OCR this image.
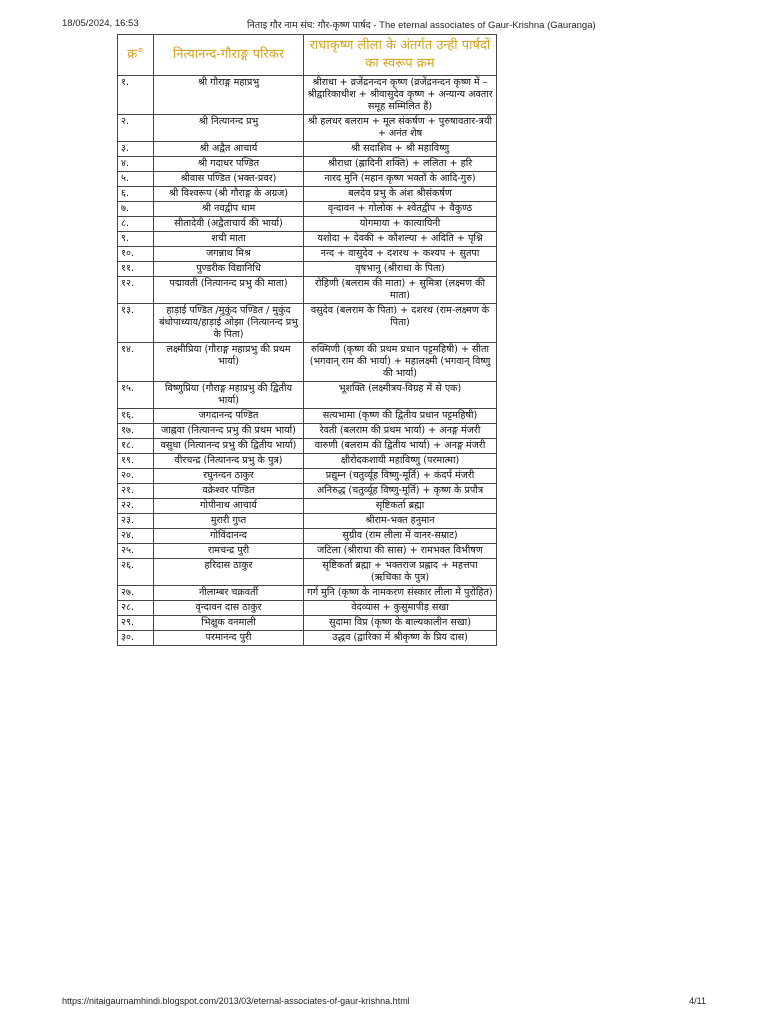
18/05/2024, 16:53	निताइ गौर नाम संघ: गौर-कृष्ण पार्षद - The eternal associates of Gaur-Krishna (Gauranga)
क्र°	नित्यानन्द-गौराङ्ग परिकर	राधाकृष्ण लीला के अंतर्गत उन्ही पार्षदों का स्वरूप क्रम
१.	श्री गौराङ्ग महाप्रभु	श्रीराधा + व्रजेंद्रनन्दन कृष्ण (व्रजेंद्रनन्दन कृष्ण में – श्रीद्वारिकाधीश + श्रीवासुदेव कृष्ण + अन्यान्य अवतार समूह सम्मिलित हैं)
२.	श्री नित्यानन्द प्रभु	श्री हलधर बलराम + मूल संकर्षण + पुरुषावतार-त्रयी + अनंत शेष
३.	श्री अद्वैत आचार्य	श्री सदाशिव + श्री महाविष्णु
४.	श्री गदाधर पण्डित	श्रीराधा (ह्लादिनी शक्ति) + ललिता + हरि
५.	श्रीवास पण्डित (भक्त-प्रवर)	नारद मुनि (महान कृष्ण भक्तों के आदि-गुरु)
६.	श्री विश्वरूप (श्री गौराङ्ग के अग्रज)	बलदेव प्रभु के अंश श्रीसंकर्षण
७.	श्री नवद्वीप धाम	वृन्दावन + गोलोक + श्वेतद्वीप + वैकुण्ठ
८.	सीतादेवी (अद्वैताचार्य की भार्या)	योगमाया + कात्यायिनी
९.	शची माता	यशोदा + देवकी + कौशल्या + अदिति + पृश्नि
१०.	जगन्नाथ मिश्र	नन्द + वासुदेव + दशरथ + कश्यप + सुतपा
११.	पुण्डरीक विद्यानिधि	वृषभानु (श्रीराधा के पिता)
१२.	पद्मावती (नित्यानन्द प्रभु की माता)	रोहिणी (बलराम की माता) + सुमित्रा (लक्ष्मण की माता)
१३.	हाड़ाई पण्डित /मुकुंद पण्डित / मुकुंद बंधोपाध्याय/हाड़ाई ओझा (नित्यानन्द प्रभु के पिता)	वसुदेव (बलराम के पिता) + दशरथ (राम-लक्ष्मण के पिता)
१४.	लक्ष्मीप्रिया (गौराङ्ग महाप्रभु की प्रथम भार्या)	रुक्मिणी (कृष्ण की प्रथम प्रधान पट्टमहिषी) + सीता (भगवान् राम की भार्या) + महालक्ष्मी (भगवान् विष्णु की भार्या)
१५.	विष्णुप्रिया (गौराङ्ग महाप्रभु की द्वितीय भार्या)	भूशक्ति (लक्ष्मीत्रय-विग्रह में से एक)
१६.	जगदानन्द पण्डित	सत्यभामा (कृष्ण की द्वितीय प्रधान पट्टमहिषी)
१७.	जाह्नवा (नित्यानन्द प्रभु की प्रथम भार्या)	रेवती (बलराम की प्रथम भार्या) + अनङ्ग मंजरी
१८.	वसुधा (नित्यानन्द प्रभु की द्वितीय भार्या)	वारुणी (बलराम की द्वितीय भार्या) + अनङ्ग मंजरी
१९.	वीरचन्द्र (नित्यानन्द प्रभु के पुत्र)	क्षीरोदकशायी महाविष्णु (परमात्मा)
२०.	रघुनन्दन ठाकुर	प्रद्युम्न (चतुर्व्यूह विष्णु-मूर्ति) + कंदर्प मंजरी
२१.	वक्रेश्वर पण्डित	अनिरुद्ध (चतुर्व्यूह विष्णु-मूर्ति) + कृष्ण के प्रपौत्र
२२.	गोपीनाथ आचार्य	सृष्टिकर्ता ब्रह्मा
२३.	मुरारी गुप्त	श्रीराम-भक्त हनुमान
२४.	गोविंदानन्द	सुग्रीव (राम लीला में वानर-सम्राट)
२५.	रामचन्द्र पुरी	जटिला (श्रीराधा की सास) + रामभक्त विभीषण
२६.	हरिदास ठाकुर	सृष्टिकर्ता ब्रह्मा + भक्तराज प्रह्लाद + महत्तपा (ऋचिका के पुत्र)
२७.	नीलाम्बर चक्रवर्ती	गर्ग मुनि (कृष्ण के नामकरण संस्कार लीला में पुरोहित)
२८.	वृन्दावन दास ठाकुर	वेदव्यास + कुसुमापीड़ सखा
२९.	भिक्षुक वनमाली	सुदामा विप्र (कृष्ण के बाल्यकालीन सखा)
३०.	परमानन्द पुरी	उद्धव (द्वारिका में श्रीकृष्ण के प्रिय दास)
https://nitaigaurnamhindi.blogspot.com/2013/03/eternal-associates-of-gaur-krishna.html	4/11
